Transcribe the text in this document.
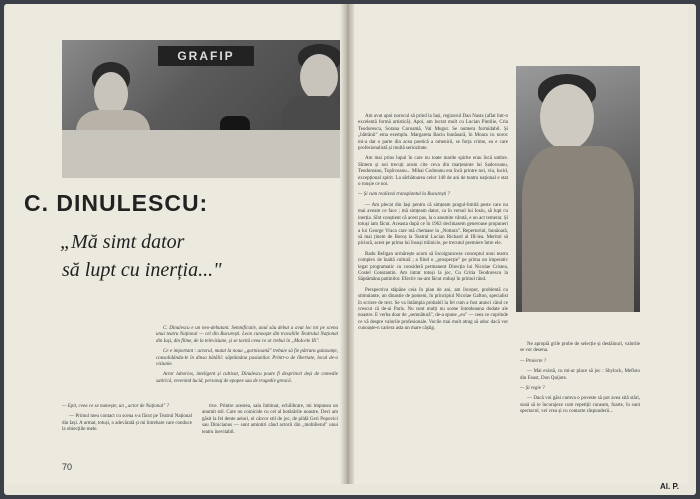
GRAFIP
C. DINULESCU:
„Mă simt dator
să lupt cu inerția..."

C. Dinulescu e un neo-debutant. Semnificativ, anul său debut a avut loc tot pe scena unui teatru Național — cel din București. Leon cunoaște din travaliile Teatrului Național din Iași, din filme, de la televiziune, și se tavită ceea ce ar trebui în „Mulcele IIi".

Ce e important : actorul, mutat la noua „garnisoană" trebuie să fie pătruns galaxanțe, consolidându-le în dinsa bătălii: săptămâna pasiunilor. Printr-o de libertate, locul de-o viziunie.

Actor laborios, inteligent și cultivat, Dinulescu poate fi desprinvit deși de comedie satirică, revenind lucid, personaj de epopee sau de tragedie greacă.

— Epit, ceea ce se numește, un „actor de Național" ?

— Primul meu contact cu scena s-a făcut pe Teatrul Național din Iași. A urmat, totuși, o adevărată și mi întrebare care conduce la obiecțiile mele.

tive. Printre acestea, sala îmbinat, echilibrare, mi impunea un anumit stil. Care nu coinicide cu cel al hotărârile noastre. Deci am găsit la fel dente aeiori, el cârcor stil de joc, de pildă Geri Popovici sau Dinicianus — sunt amintiri când actorii din „mobilierul" unui teatru inevitabil.

70

Am avut apoi norocul să prind la Iași, regizorul Dan Nasta (aflat într-o excelentă formă artistică). Apoi, am lucrat mult cu Lucian Pintilie, Cria Teodorescu, Sorana Coroamă, Val Mugur. Se numera formidabil. Și „bătrânii" ema exemplu. Margareta Baciu bunăoară, în Moara cu noroc mi-a dat o parte din acea poetică a omenirii, se forța crime, ea e care profesionalistă și multă seriozitate.

Am mai prins lupul în care nu toate marile spirite erau încă umbre. Sîntem și noi trecuți acum cite ceva din marțeninte lui Sadoveanu, Teodoreanu, Topîrceanu... Mihai Codreanu era încă printre noi, viu, lucid, excepțional spirit. La sărbătoarea celor 140 de ani de teatru național e stat o roușie ce noi.

— Și cum realizezi transplantul la București ?

— Am plecat din Iași pentru că simțeam pragul-limită peste care nu mai aveam ce face ; mă simțeam dator, ca în versul lui Iosiu, să lupt cu inerția. Sînt conștient că acest pas, la o anumite vârstă, e un act temerar. Și totuși iam făcut. Aceasta după ce în 1962 declinasem generoase propuneri a lui George Vraca care mă chemase la „Nottara". Repertoriul, bunăoară, să mai ținem de Boroș la Teatrul Lucian Richard al III-lea. Meritul să picioră, acest pe prima lui însuși trăinicie, pe trecutul premiere între ele.

Radu Beligan urmărește acum să încoigranceze conceptul unui teatru complex de înaltă cultură ; a fiind o „prospecție" pe prima un imperativ legat programatic cu consideră permanent Direcția lui Nicolae Cristea, Costel Constantin. Am intrat totuși la joc, Cu Critia Teodorescu la Săptămâna patimilor. Efectiv nu-am făcut roduși în primul rând.

Perspectiva stăpâne ceia în plan de ani, am început, problemă cu stimulante, un dinastie de pomeni, în principiul Nicolae Gafton, specialist în scriere de text. Se va întâmpla probabil la fel cum a fost atunci când ce crescut că de-ai Paris. Nu sunt mulți nu scene întotdeauna dodate ale noastre. E verba doar de „semnătură", de-a spune „eu" — ceea ce cuprinde ce vă despre valorile profesionale. Vocile mai mult atrag să aduc dacă vor cunoaște-n cariera asta un mare câștig.

Ne apropiă grile probe de selecție și destăinuri, valorile se vor desena.

— Proiecte ?

— Mai există, cu mi-ar place să joc : Shylock, Mefisto din Faust, Don Quijote.

— Și regie ?

— Dacă voi găsi cumva o poveste să pot avea sită stări, sună să te încurajeze cum repetiții cuneam, foarte, în sunt spectacol, vei vrea și cu contacte răspunderii...

Al. P.
